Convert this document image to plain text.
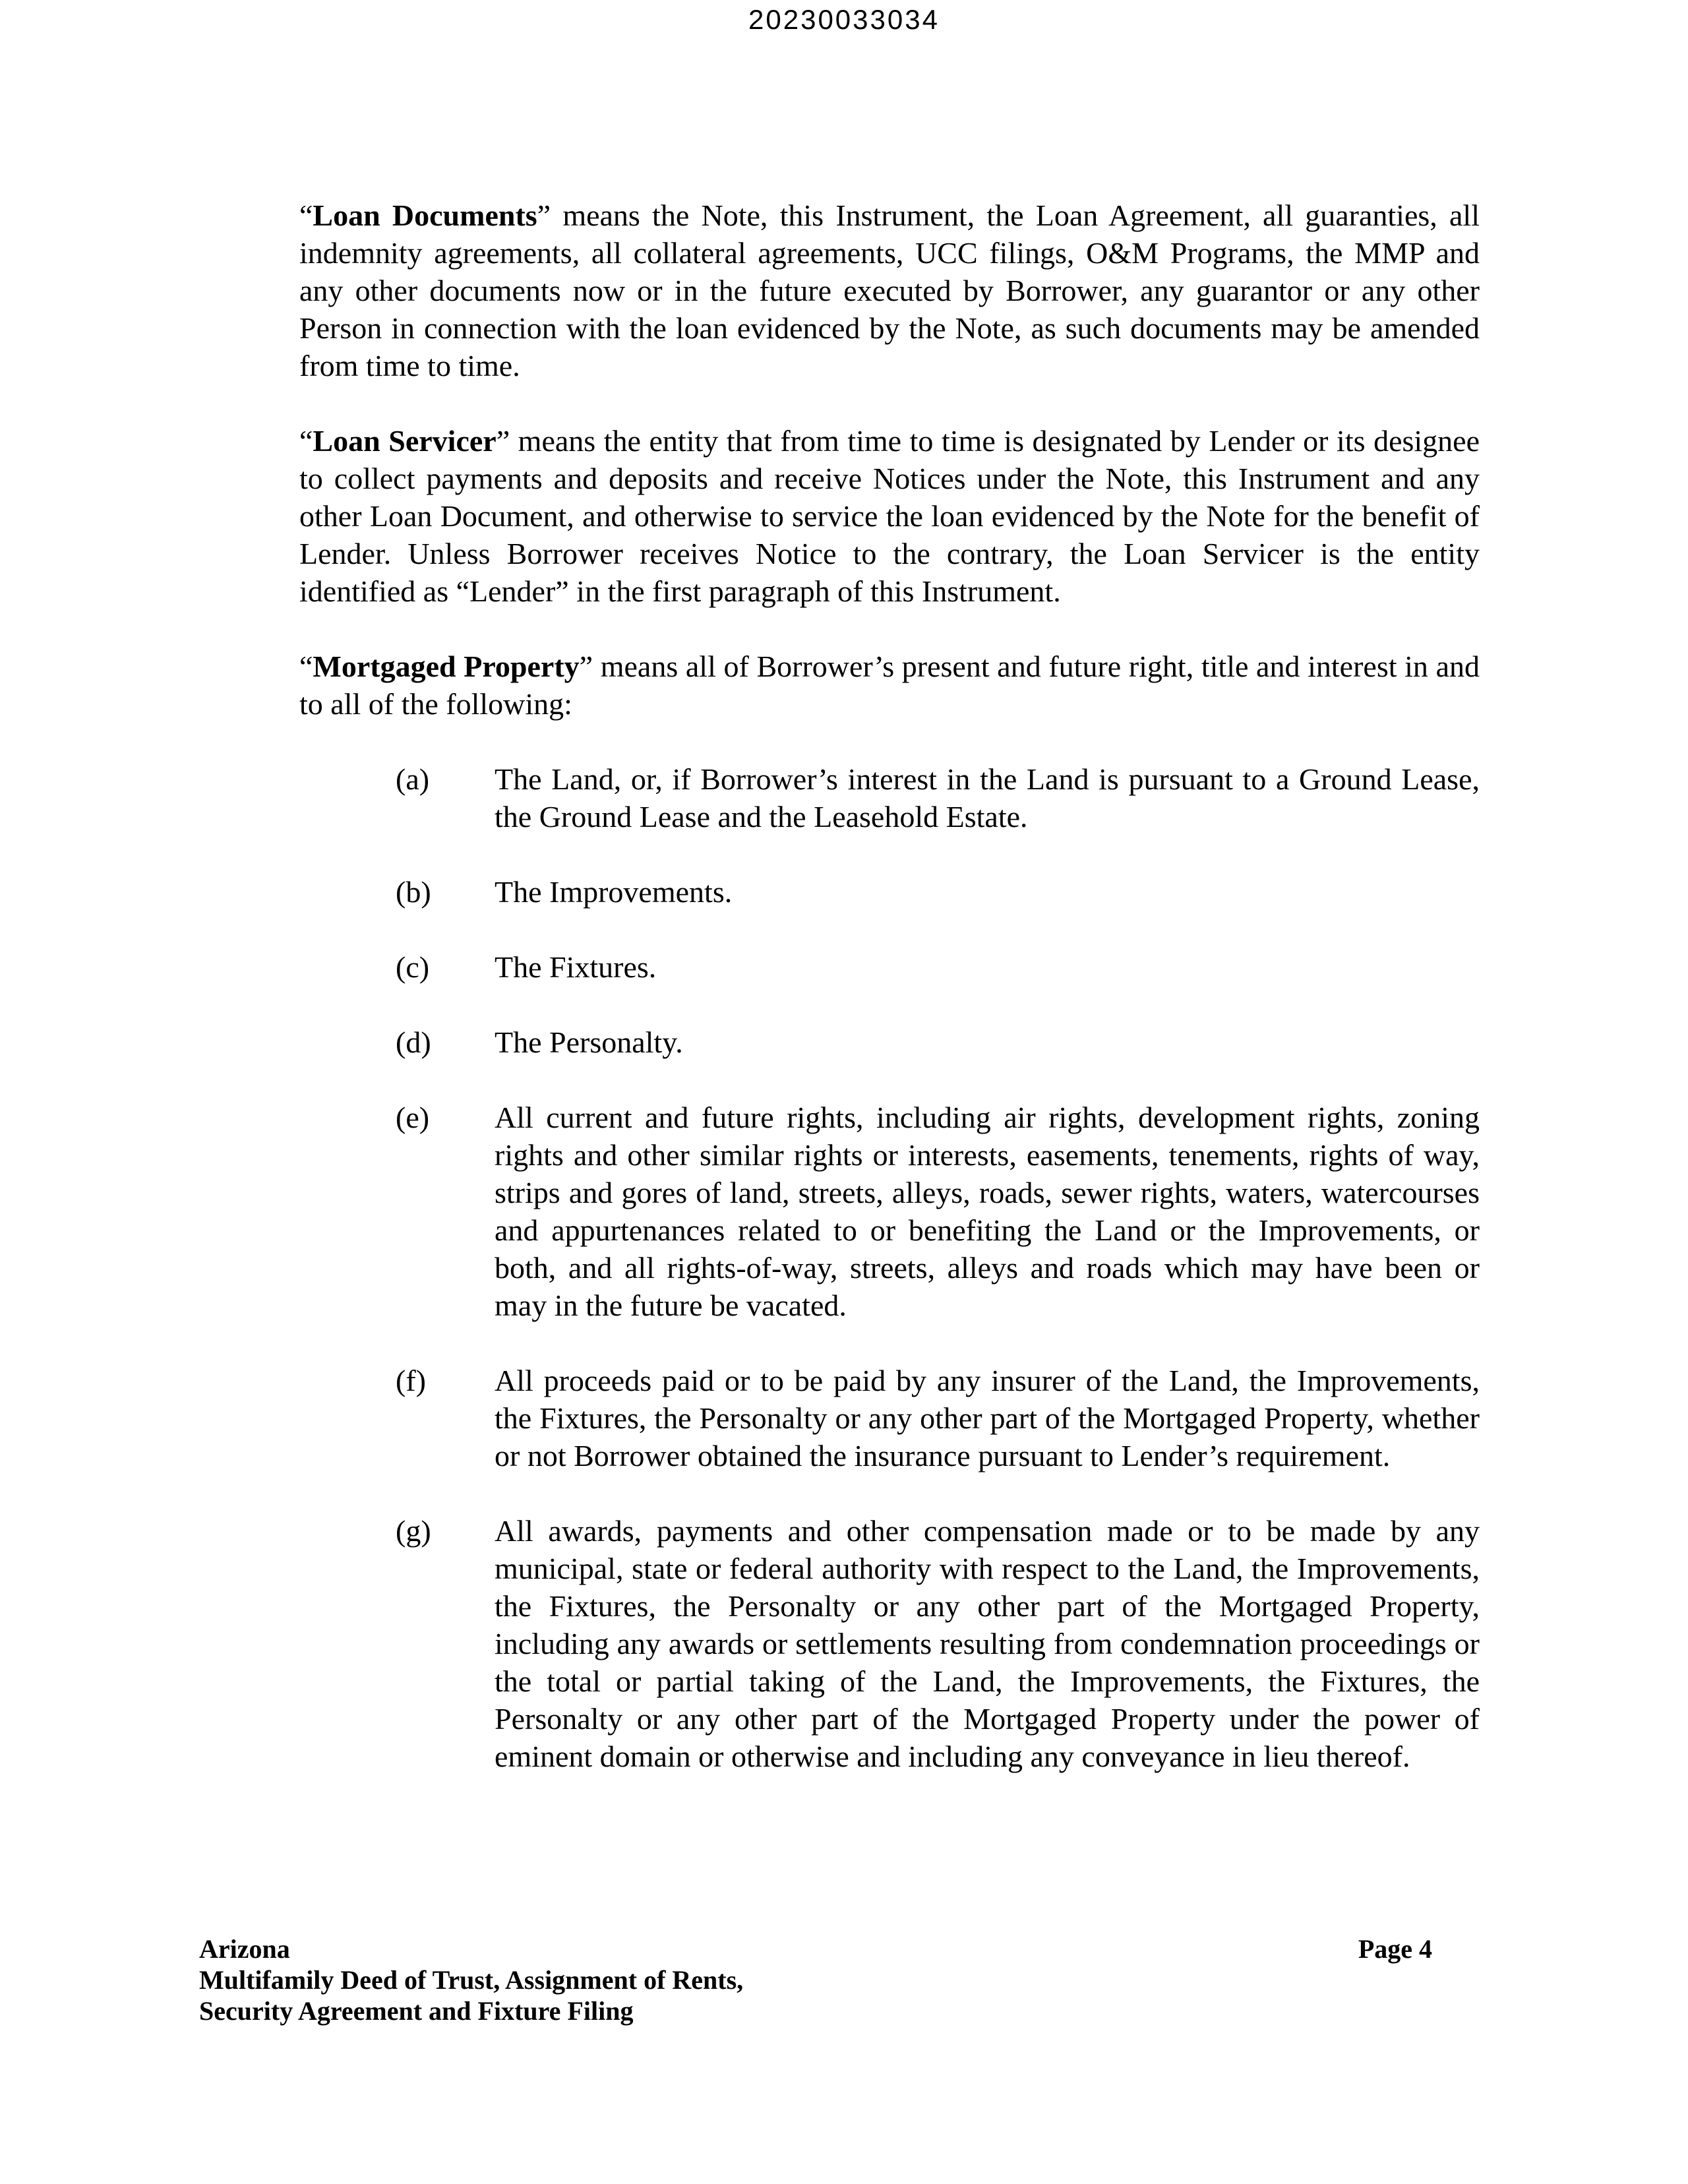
20230033034

“Loan Documents” means the Note, this Instrument, the Loan Agreement, all guaranties, all indemnity agreements, all collateral agreements, UCC filings, O&M Programs, the MMP and any other documents now or in the future executed by Borrower, any guarantor or any other Person in connection with the loan evidenced by the Note, as such documents may be amended from time to time.

“Loan Servicer” means the entity that from time to time is designated by Lender or its designee to collect payments and deposits and receive Notices under the Note, this Instrument and any other Loan Document, and otherwise to service the loan evidenced by the Note for the benefit of Lender. Unless Borrower receives Notice to the contrary, the Loan Servicer is the entity identified as “Lender” in the first paragraph of this Instrument.

“Mortgaged Property” means all of Borrower’s present and future right, title and interest in and to all of the following:

(a)	The Land, or, if Borrower’s interest in the Land is pursuant to a Ground Lease, the Ground Lease and the Leasehold Estate.
(b)	The Improvements.
(c)	The Fixtures.
(d)	The Personalty.
(e)	All current and future rights, including air rights, development rights, zoning rights and other similar rights or interests, easements, tenements, rights of way, strips and gores of land, streets, alleys, roads, sewer rights, waters, watercourses and appurtenances related to or benefiting the Land or the Improvements, or both, and all rights-of-way, streets, alleys and roads which may have been or may in the future be vacated.
(f)	All proceeds paid or to be paid by any insurer of the Land, the Improvements, the Fixtures, the Personalty or any other part of the Mortgaged Property, whether or not Borrower obtained the insurance pursuant to Lender’s requirement.
(g)	All awards, payments and other compensation made or to be made by any municipal, state or federal authority with respect to the Land, the Improvements, the Fixtures, the Personalty or any other part of the Mortgaged Property, including any awards or settlements resulting from condemnation proceedings or the total or partial taking of the Land, the Improvements, the Fixtures, the Personalty or any other part of the Mortgaged Property under the power of eminent domain or otherwise and including any conveyance in lieu thereof.
Arizona
Multifamily Deed of Trust, Assignment of Rents,
Security Agreement and Fixture Filing
Page 4
